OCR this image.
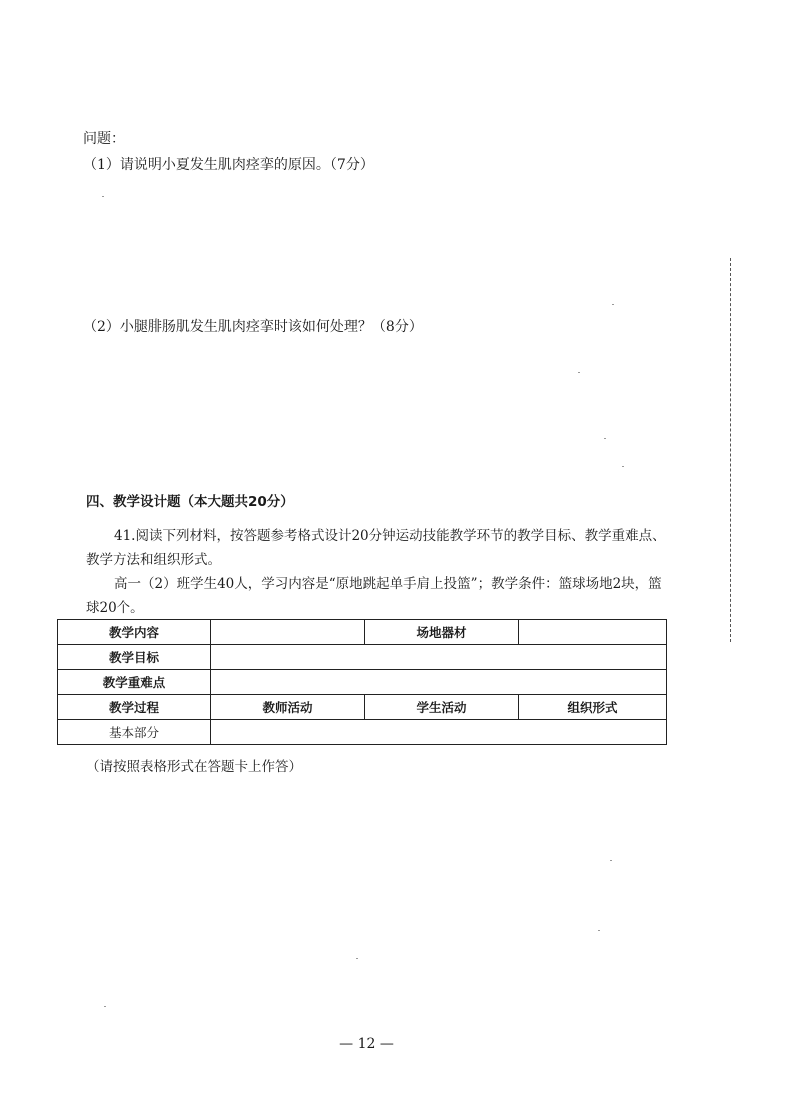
问题：
（1）请说明小夏发生肌肉痉挛的原因。（7分）
（2）小腿腓肠肌发生肌肉痉挛时该如何处理？（8分）
四、教学设计题（本大题共20分）
41.阅读下列材料，按答题参考格式设计20分钟运动技能教学环节的教学目标、教学重难点、教学方法和组织形式。
高一（2）班学生40人，学习内容是“原地跳起单手肩上投篮”；教学条件：篮球场地2块，篮球20个。
教学内容		场地器材	
教学目标			
教学重难点			
教学过程	教师活动	学生活动	组织形式
基本部分			
（请按照表格形式在答题卡上作答）
— 12 —
